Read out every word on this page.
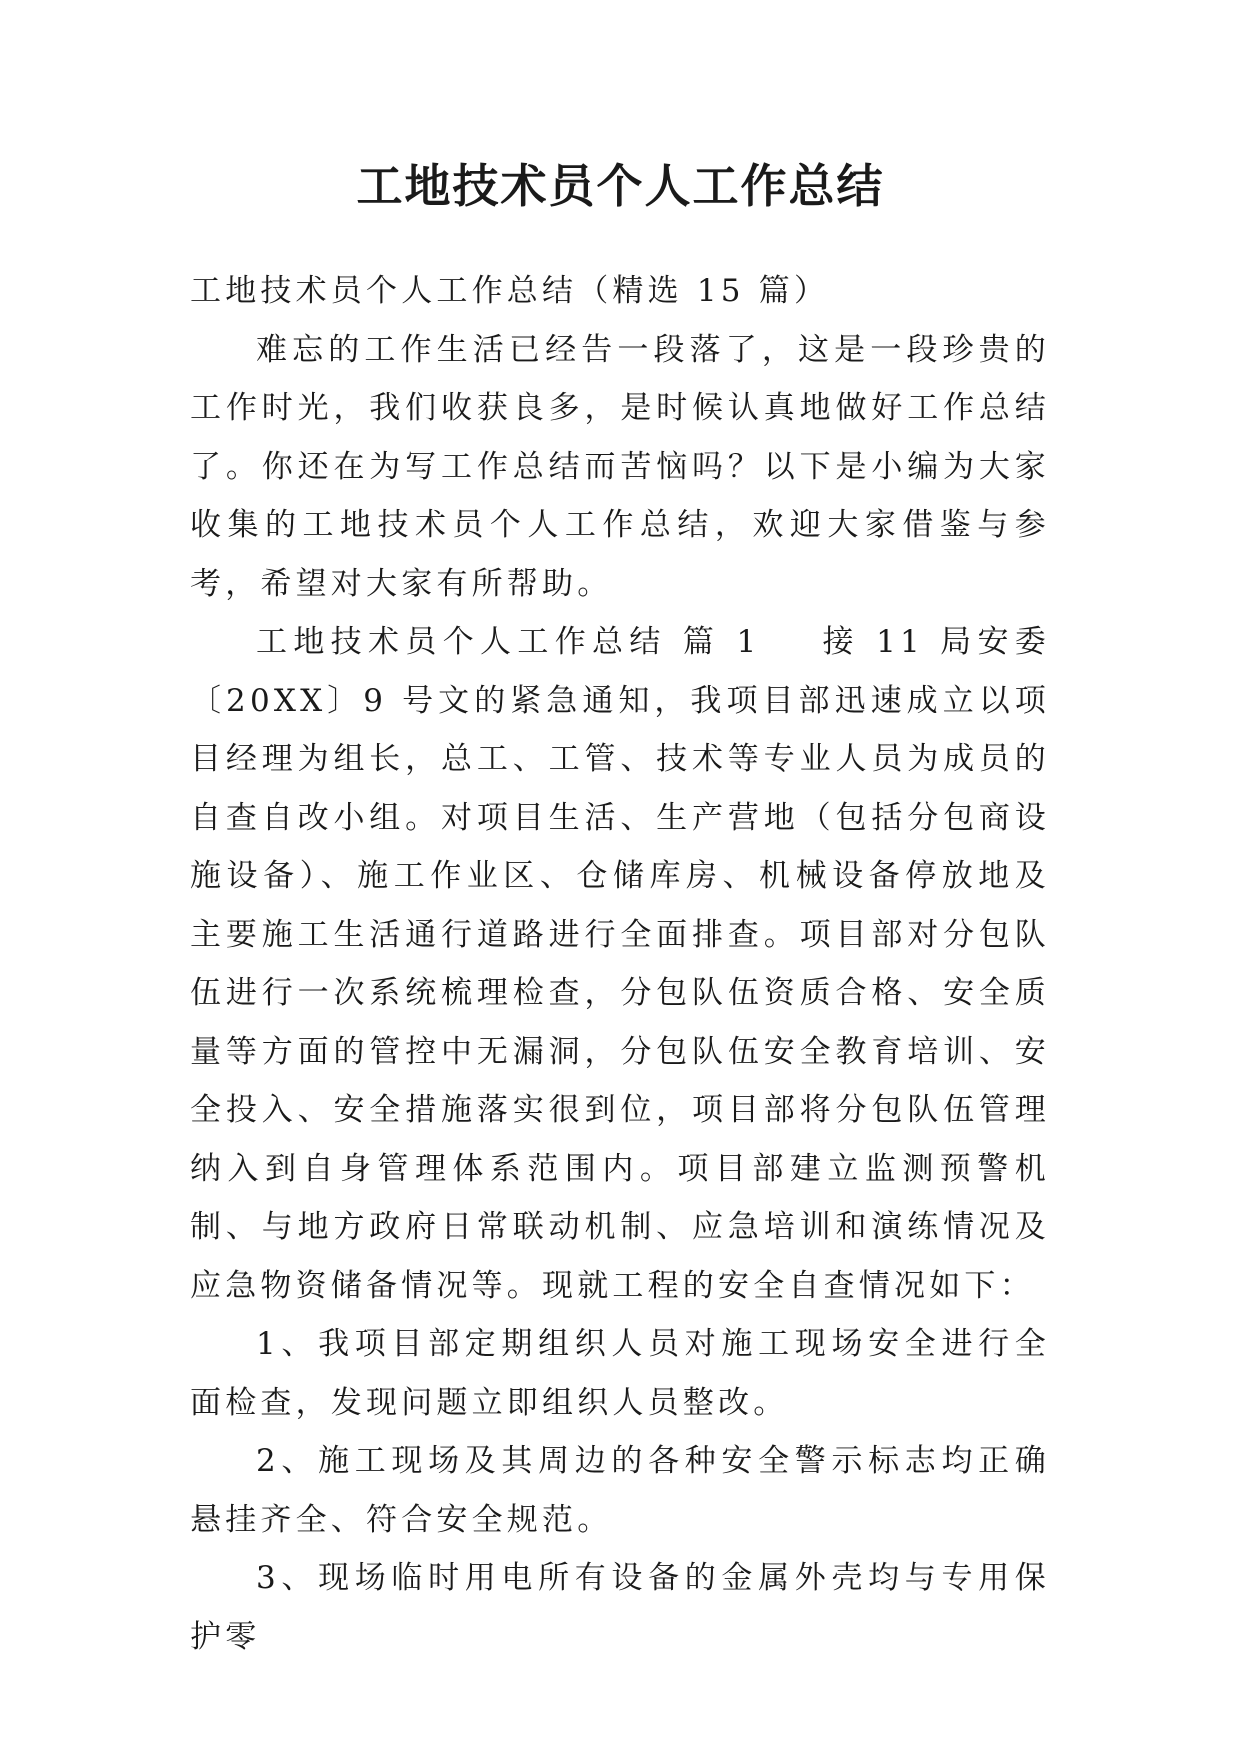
工地技术员个人工作总结

工地技术员个人工作总结（精选 15 篇）

难忘的工作生活已经告一段落了，这是一段珍贵的工作时光，我们收获良多，是时候认真地做好工作总结了。你还在为写工作总结而苦恼吗？以下是小编为大家收集的工地技术员个人工作总结，欢迎大家借鉴与参考，希望对大家有所帮助。

工地技术员个人工作总结 篇 1 接 11 局安委〔20XX〕9 号文的紧急通知，我项目部迅速成立以项目经理为组长，总工、工管、技术等专业人员为成员的自查自改小组。对项目生活、生产营地（包括分包商设施设备）、施工作业区、仓储库房、机械设备停放地及主要施工生活通行道路进行全面排查。项目部对分包队伍进行一次系统梳理检查，分包队伍资质合格、安全质量等方面的管控中无漏洞，分包队伍安全教育培训、安全投入、安全措施落实很到位，项目部将分包队伍管理纳入到自身管理体系范围内。项目部建立监测预警机制、与地方政府日常联动机制、应急培训和演练情况及应急物资储备情况等。现就工程的安全自查情况如下：

1、我项目部定期组织人员对施工现场安全进行全面检查，发现问题立即组织人员整改。

2、施工现场及其周边的各种安全警示标志均正确悬挂齐全、符合安全规范。

3、现场临时用电所有设备的金属外壳均与专用保护零
